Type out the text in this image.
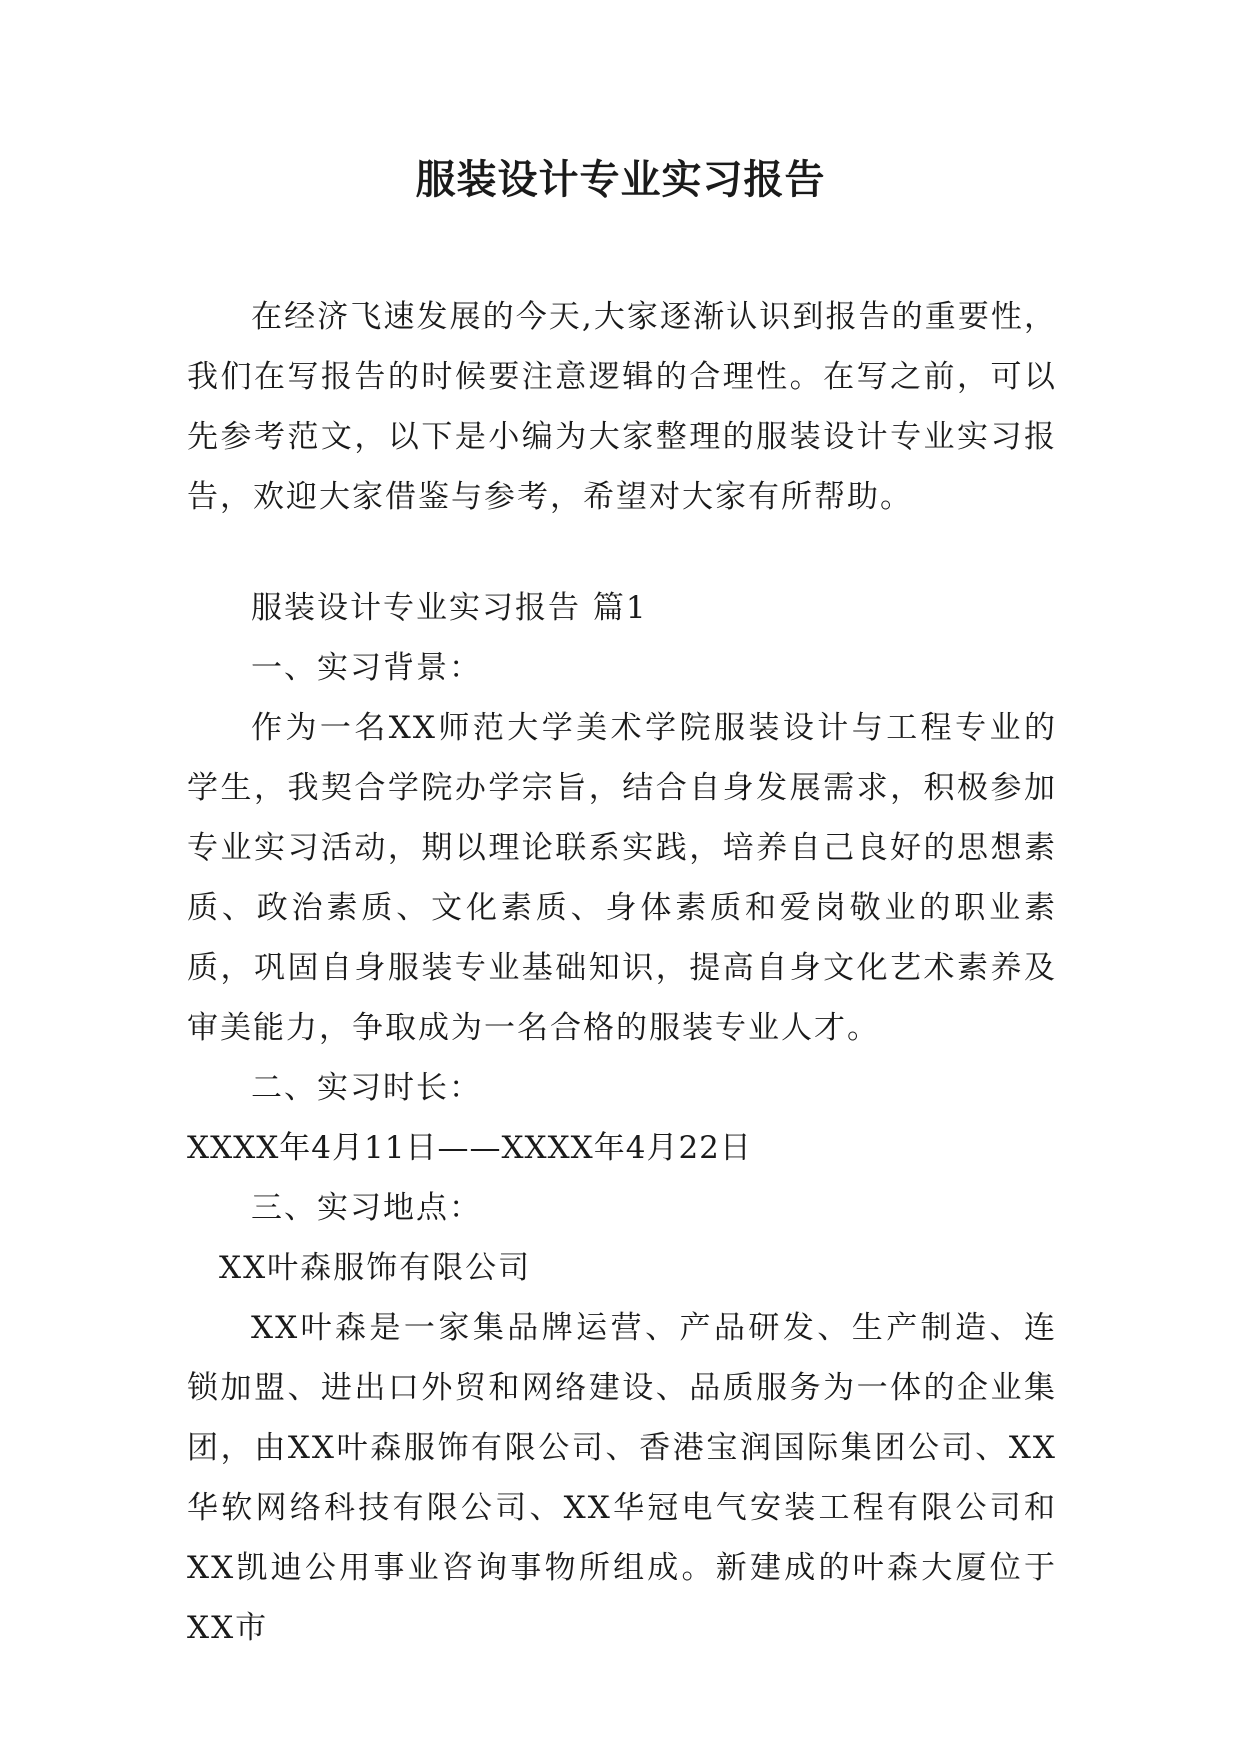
服装设计专业实习报告

在经济飞速发展的今天,大家逐渐认识到报告的重要性，我们在写报告的时候要注意逻辑的合理性。在写之前，可以先参考范文，以下是小编为大家整理的服装设计专业实习报告，欢迎大家借鉴与参考，希望对大家有所帮助。

服装设计专业实习报告 篇1

一、实习背景：

作为一名XX师范大学美术学院服装设计与工程专业的学生，我契合学院办学宗旨，结合自身发展需求，积极参加专业实习活动，期以理论联系实践，培养自己良好的思想素质、政治素质、文化素质、身体素质和爱岗敬业的职业素质，巩固自身服装专业基础知识，提高自身文化艺术素养及审美能力，争取成为一名合格的服装专业人才。

二、实习时长：

XXXX年4月11日——XXXX年4月22日

三、实习地点：

XX叶森服饰有限公司

XX叶森是一家集品牌运营、产品研发、生产制造、连锁加盟、进出口外贸和网络建设、品质服务为一体的企业集团，由XX叶森服饰有限公司、香港宝润国际集团公司、XX华软网络科技有限公司、XX华冠电气安装工程有限公司和XX凯迪公用事业咨询事物所组成。新建成的叶森大厦位于XX市
